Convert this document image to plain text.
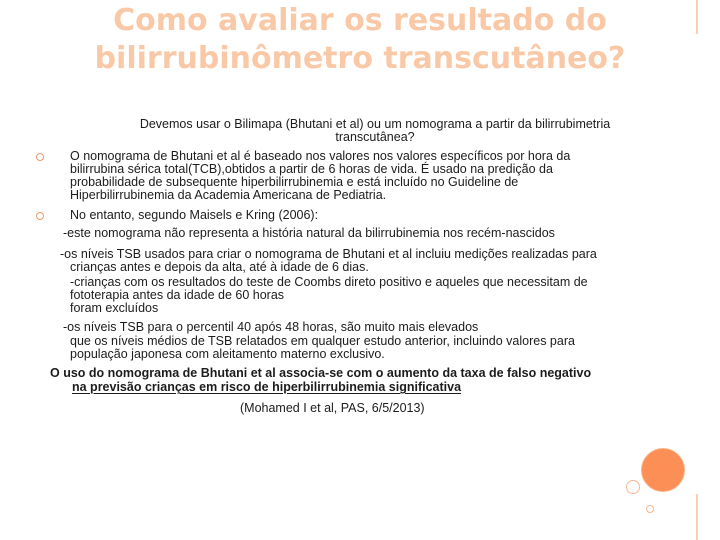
Como avaliar os resultado do
bilirrubinômetro transcutâneo?
Devemos usar o Bilimapa (Bhutani et al) ou um nomograma a partir da bilirrubimetria
transcutânea?
O nomograma de Bhutani et al é baseado nos valores nos valores específicos por hora da
bilirrubina sérica total(TCB),obtidos a partir de 6 horas de vida. É usado na predição da
probabilidade de subsequente hiperbilirrubinemia e está incluído no Guideline de
Hiperbilirrubinemia da Academia Americana de Pediatria.
No entanto, segundo Maisels e Kring (2006):
-este nomograma não representa a história natural da bilirrubinemia nos recém-nascidos
-os níveis TSB usados para criar o nomograma de Bhutani et al incluiu medições realizadas para
crianças antes e depois da alta, até à idade de 6 dias.
-crianças com os resultados do teste de Coombs direto positivo e aqueles que necessitam de
fototerapia antes da idade de 60 horas
foram excluídos
-os níveis TSB para o percentil 40 após 48 horas, são muito mais elevados
que os níveis médios de TSB relatados em qualquer estudo anterior, incluindo valores para
população japonesa com aleitamento materno exclusivo.
O uso do nomograma de Bhutani et al associa-se com o aumento da taxa de falso negativo
na previsão crianças em risco de hiperbilirrubinemia significativa
(Mohamed I et al, PAS, 6/5/2013)
